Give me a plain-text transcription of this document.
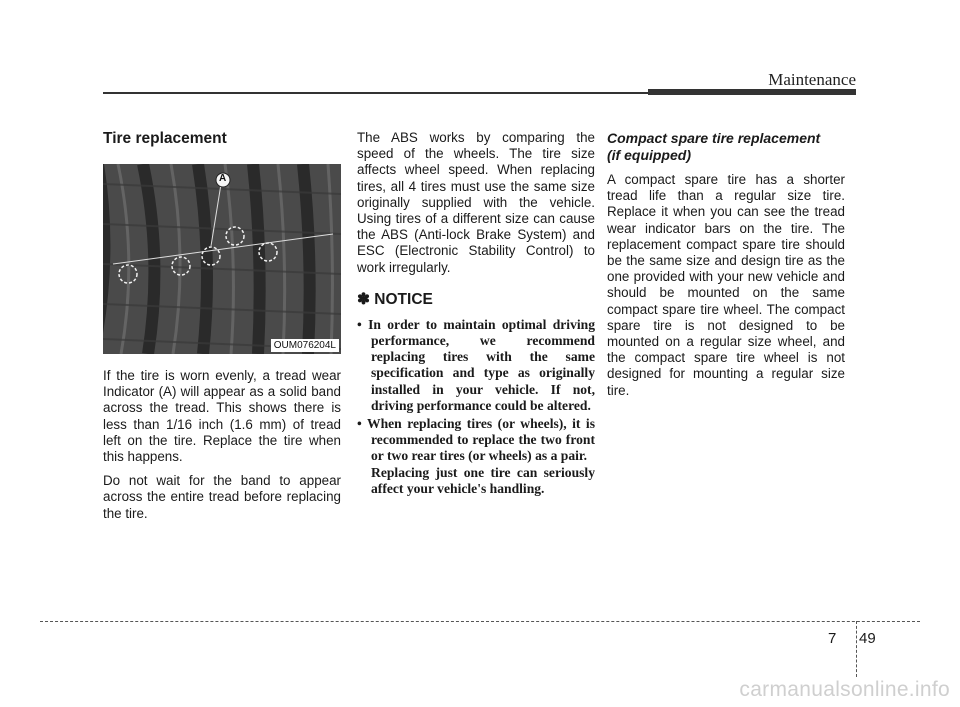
Maintenance
Tire replacement
A
OUM076204L

If the tire is worn evenly, a tread wear Indicator (A) will appear as a solid band across the tread. This shows there is less than 1/16 inch (1.6 mm) of tread left on the tire. Replace the tire when this happens.

Do not wait for the band to appear across the entire tread before replacing the tire.

The ABS works by comparing the speed of the wheels. The tire size affects wheel speed. When replacing tires, all 4 tires must use the same size originally supplied with the vehicle. Using tires of a different size can cause the ABS (Anti-lock Brake System) and ESC (Electronic Stability Control) to work irregularly.

✽ NOTICE
• In order to maintain optimal driving performance, we recommend replacing tires with the same specification and type as originally installed in your vehicle. If not, driving performance could be altered.
• When replacing tires (or wheels), it is recommended to replace the two front or two rear tires (or wheels) as a pair.
Replacing just one tire can seriously affect your vehicle's handling.
Compact spare tire replacement
(if equipped)

A compact spare tire has a shorter tread life than a regular size tire. Replace it when you can see the tread wear indicator bars on the tire. The replacement compact spare tire should be the same size and design tire as the one provided with your new vehicle and should be mounted on the same compact spare tire wheel. The compact spare tire is not designed to be mounted on a regular size wheel, and the compact spare tire wheel is not designed for mounting a regular size tire.

7 49
carmanualsonline.info
